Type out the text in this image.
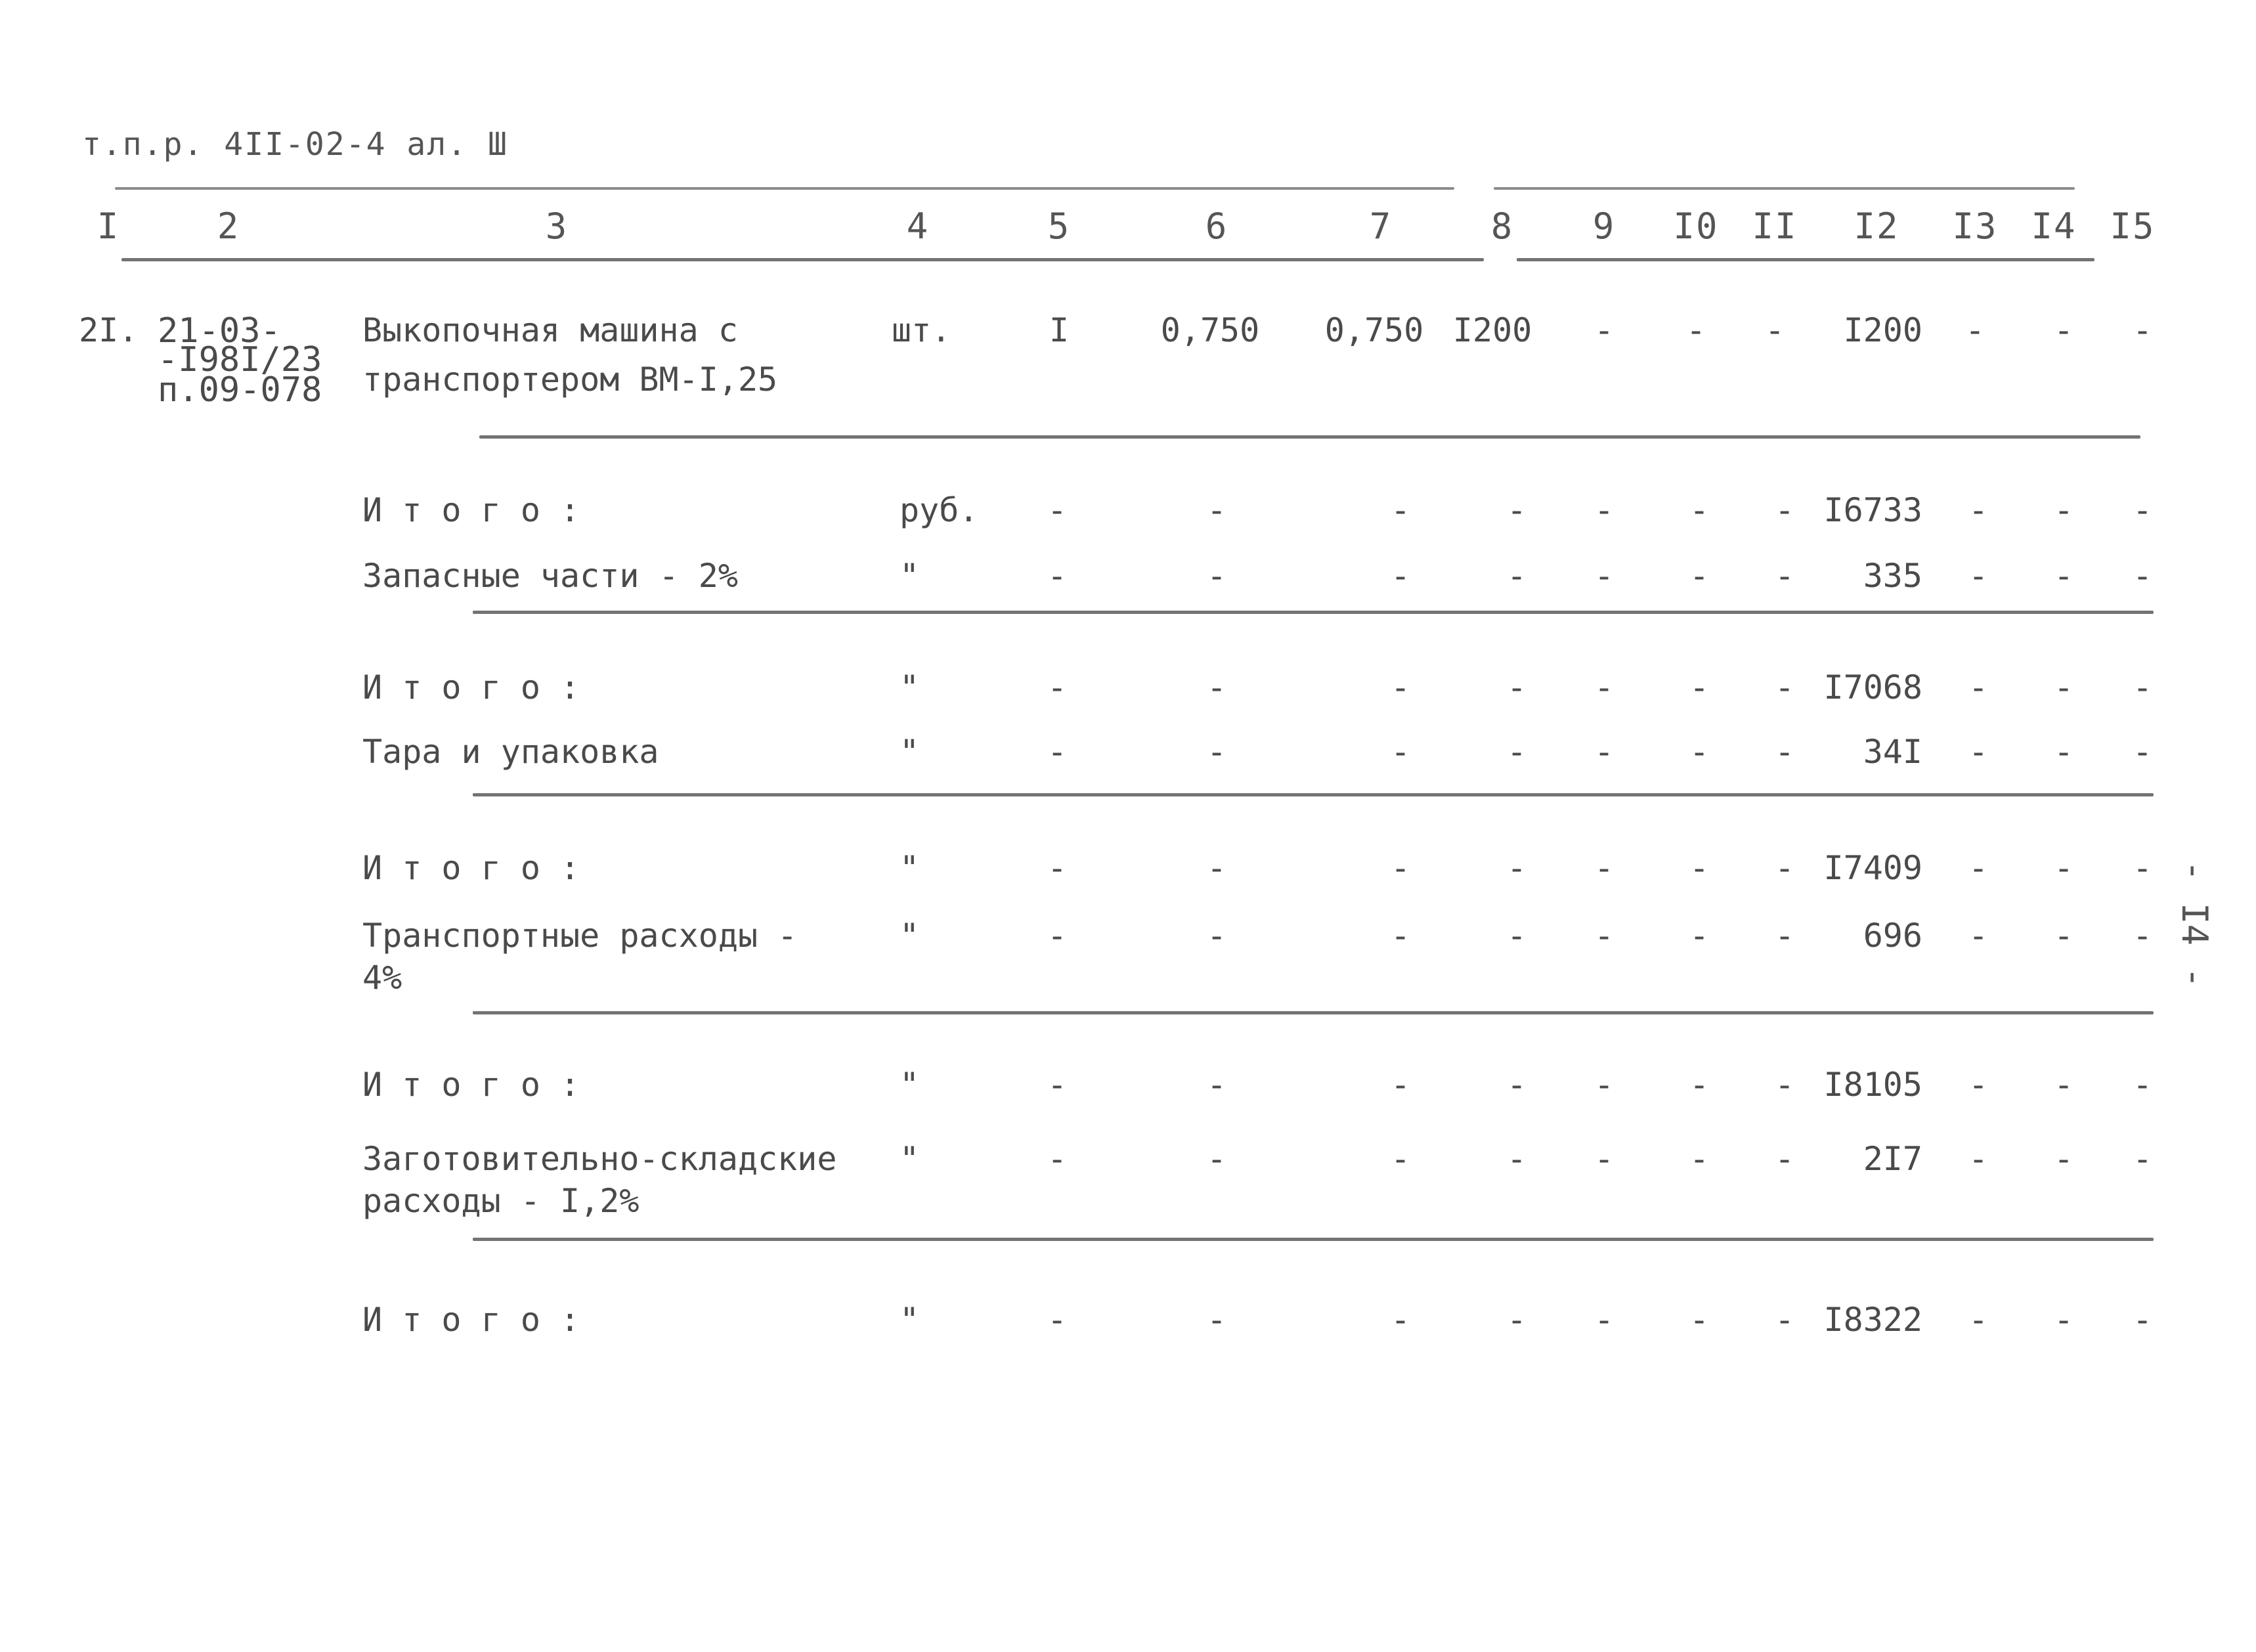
т.п.р. 4II-02-4 ал. Ш
I	2	3	4	5	6	7	8 9 I0 II I2 I3 I4 I5
2I. 21-03-
-I98I/23
п.09-078
Выкопочная машина с
транспортером ВМ-I,25
шт.	I	0,750	0,750 I200	-	-	-	I200 - - -
И т о г о :	руб. -	-	-	- - - - I6733 - - -
Запасные части - 2%	"	-	-	-	- - - -	335 - - -
И т о г о :	"	-	-	-	- - - - I7068 - - -
Тара и упаковка	"	-	-	-	- - - -	34I - - -
И т о г о :	"	-	-	-	- - - - I7409 - - -
Транспортные расходы -
4%
"	-	-	-	- - - -	696 - - -
И т о г о :	"	-	-	-	- - - - I8105 - - -
Заготовительно-складские
расходы - I,2%
"	-	-	-	- - - -	2I7 - - -
И т о г о :	"	-	-	-	- - - - I8322 - - -
- I4 -
